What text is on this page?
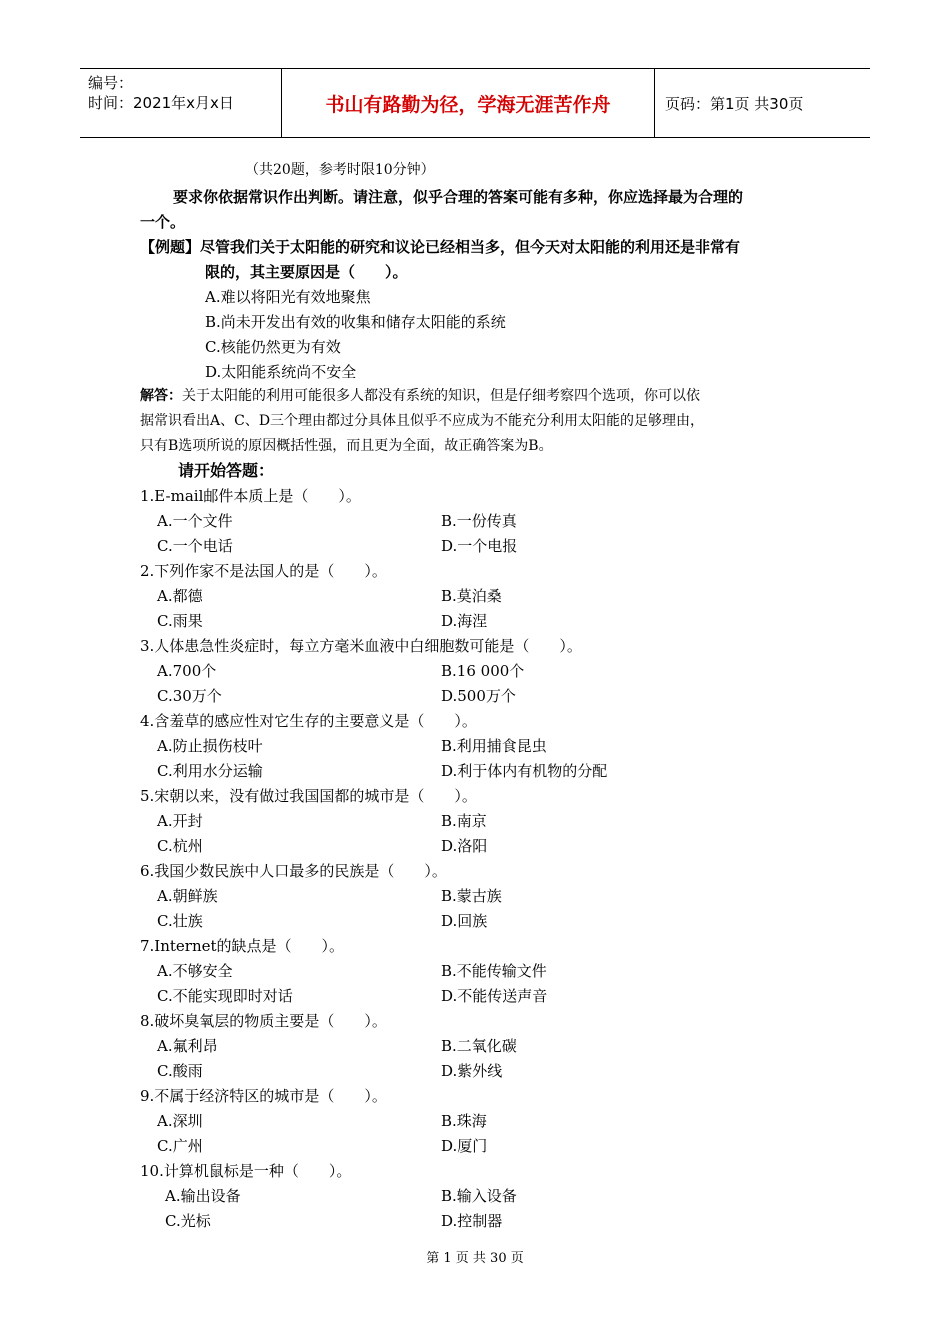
编号：
时间：2021年x月x日	书山有路勤为径，学海无涯苦作舟	页码：第1页 共30页
（共20题，参考时限10分钟）
要求你依据常识作出判断。请注意，似乎合理的答案可能有多种，你应选择最为合理的
一个。
【例题】尽管我们关于太阳能的研究和议论已经相当多，但今天对太阳能的利用还是非常有
限的，其主要原因是（　　）。
A.难以将阳光有效地聚焦
B.尚未开发出有效的收集和储存太阳能的系统
C.核能仍然更为有效
D.太阳能系统尚不安全
解答：关于太阳能的利用可能很多人都没有系统的知识，但是仔细考察四个选项，你可以依
据常识看出A、C、D三个理由都过分具体且似乎不应成为不能充分利用太阳能的足够理由，
只有B选项所说的原因概括性强，而且更为全面，故正确答案为B。
请开始答题：
1.E-mail邮件本质上是（　　）。
A.一个文件	B.一份传真
C.一个电话	D.一个电报
2.下列作家不是法国人的是（　　）。
A.都德	B.莫泊桑
C.雨果	D.海涅
3.人体患急性炎症时，每立方毫米血液中白细胞数可能是（　　）。
A.700个	B.16 000个
C.30万个	D.500万个
4.含羞草的感应性对它生存的主要意义是（　　）。
A.防止损伤枝叶	B.利用捕食昆虫
C.利用水分运输	D.利于体内有机物的分配
5.宋朝以来，没有做过我国国都的城市是（　　）。
A.开封	B.南京
C.杭州	D.洛阳
6.我国少数民族中人口最多的民族是（　　）。
A.朝鲜族	B.蒙古族
C.壮族	D.回族
7.Internet的缺点是（　　）。
A.不够安全	B.不能传输文件
C.不能实现即时对话	D.不能传送声音
8.破坏臭氧层的物质主要是（　　）。
A.氟利昂	B.二氧化碳
C.酸雨	D.紫外线
9.不属于经济特区的城市是（　　）。
A.深圳	B.珠海
C.广州	D.厦门
10.计算机鼠标是一种（　　）。
A.输出设备	B.输入设备
C.光标	D.控制器
第 1 页 共 30 页
